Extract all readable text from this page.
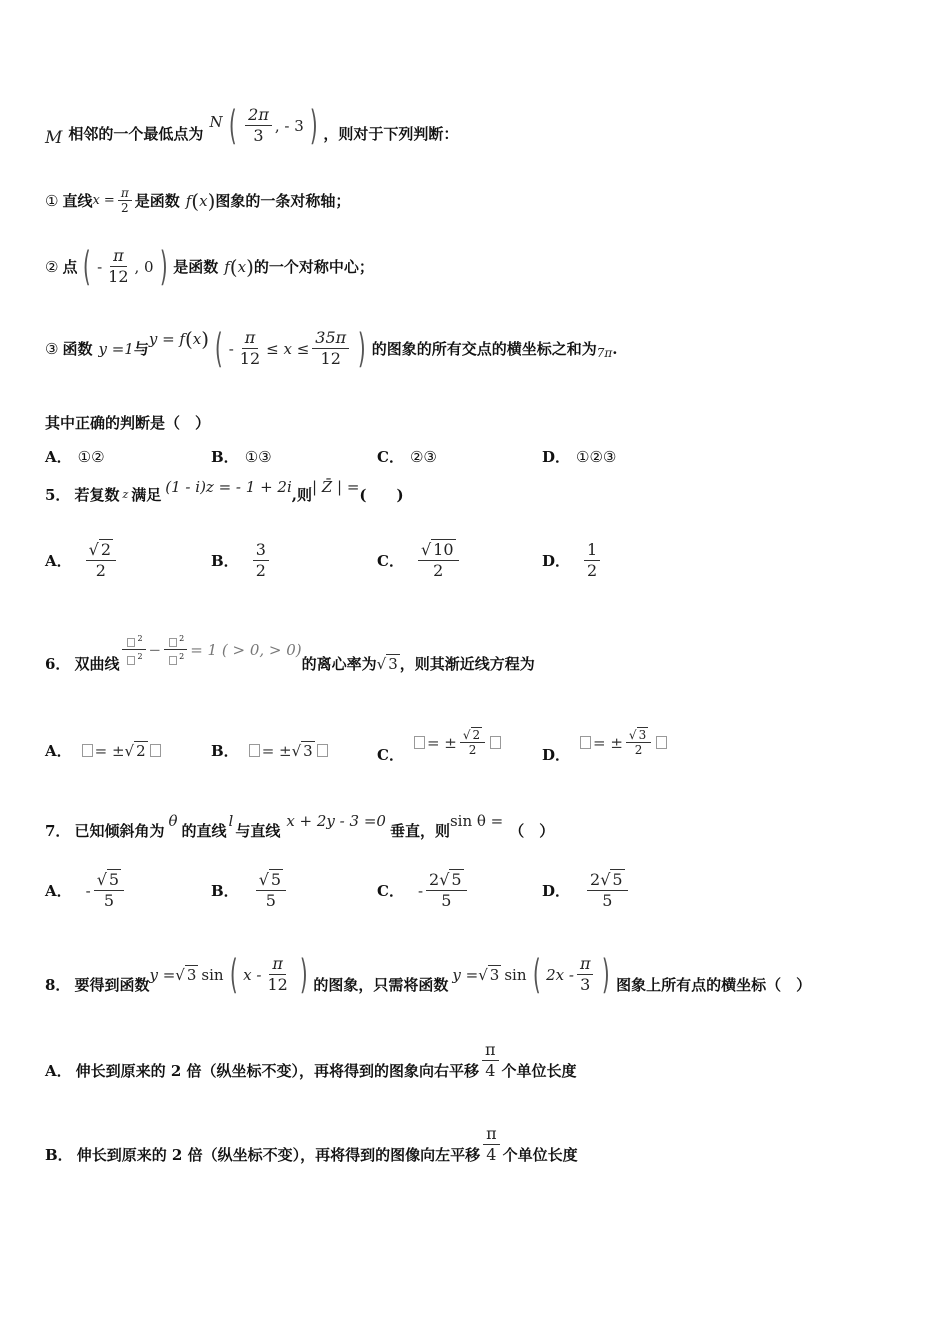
M 相邻的一个最低点为
N ( $\frac{2\pi}{3}$ , - 3 ) ，则对于下列判断：
① 直线 $x = \frac{\pi}{2}$ 是函数 f ( x ) 图象的一条对称轴；
② 点 ( - $\frac{\pi}{12}$ , 0 ) 是函数 f ( x ) 的一个对称中心；
③ 函数 y =1 与
y = f ( x ) ( - $\frac{\pi}{12} \le x \le \frac{35\pi}{12}$ ) 的图象的所有交点的横坐标之和为 7π .
其中正确的判断是（　）
A． ①②	B． ①③	C． ②③	D． ①②③
5． 若复数 z 满足 (1 - i)z = - 1 + 2i ,则 | Z̄ | = (　　)
A． $\frac{√ 2}{2}$	B． $\frac{3}{2}$	C． $\frac{√ 10}{2}$	D． $\frac{1}{2}$
6． 双曲线 $\frac{^2}{^2} - \frac{^2}{^2} = 1$ ( > 0, > 0)
的离心率为 √ 3 ，则其渐近线方程为
A． = ± √ 2	B． = ± √ 3	C．
= ± $\frac{√ 2}{2}$	D．
= ± $\frac{√ 3}{2}$
7． 已知倾斜角为
θ
的直线
l
与直线
x + 2y - 3 =0
垂直，则
sin θ =
（　）
A． - $\frac{√ 5}{5}$	B． $\frac{√ 5}{5}$	C． - $\frac{2√ 5}{5}$	D． $\frac{2√ 5}{5}$
8． 要得到函数
y = √ 3 sin ( x - $\frac{\pi}{12}$ ) 的图象，只需将函数
y = √ 3 sin ( $2x - \frac{\pi}{3}$ ) 图象上所有点的横坐标（　）
A． 伸长到原来的 2 倍（纵坐标不变），再将得到的图象向右平移 $\frac{\pi}{4}$ 个单位长度
B． 伸长到原来的 2 倍（纵坐标不变），再将得到的图像向左平移 $\frac{\pi}{4}$ 个单位长度
